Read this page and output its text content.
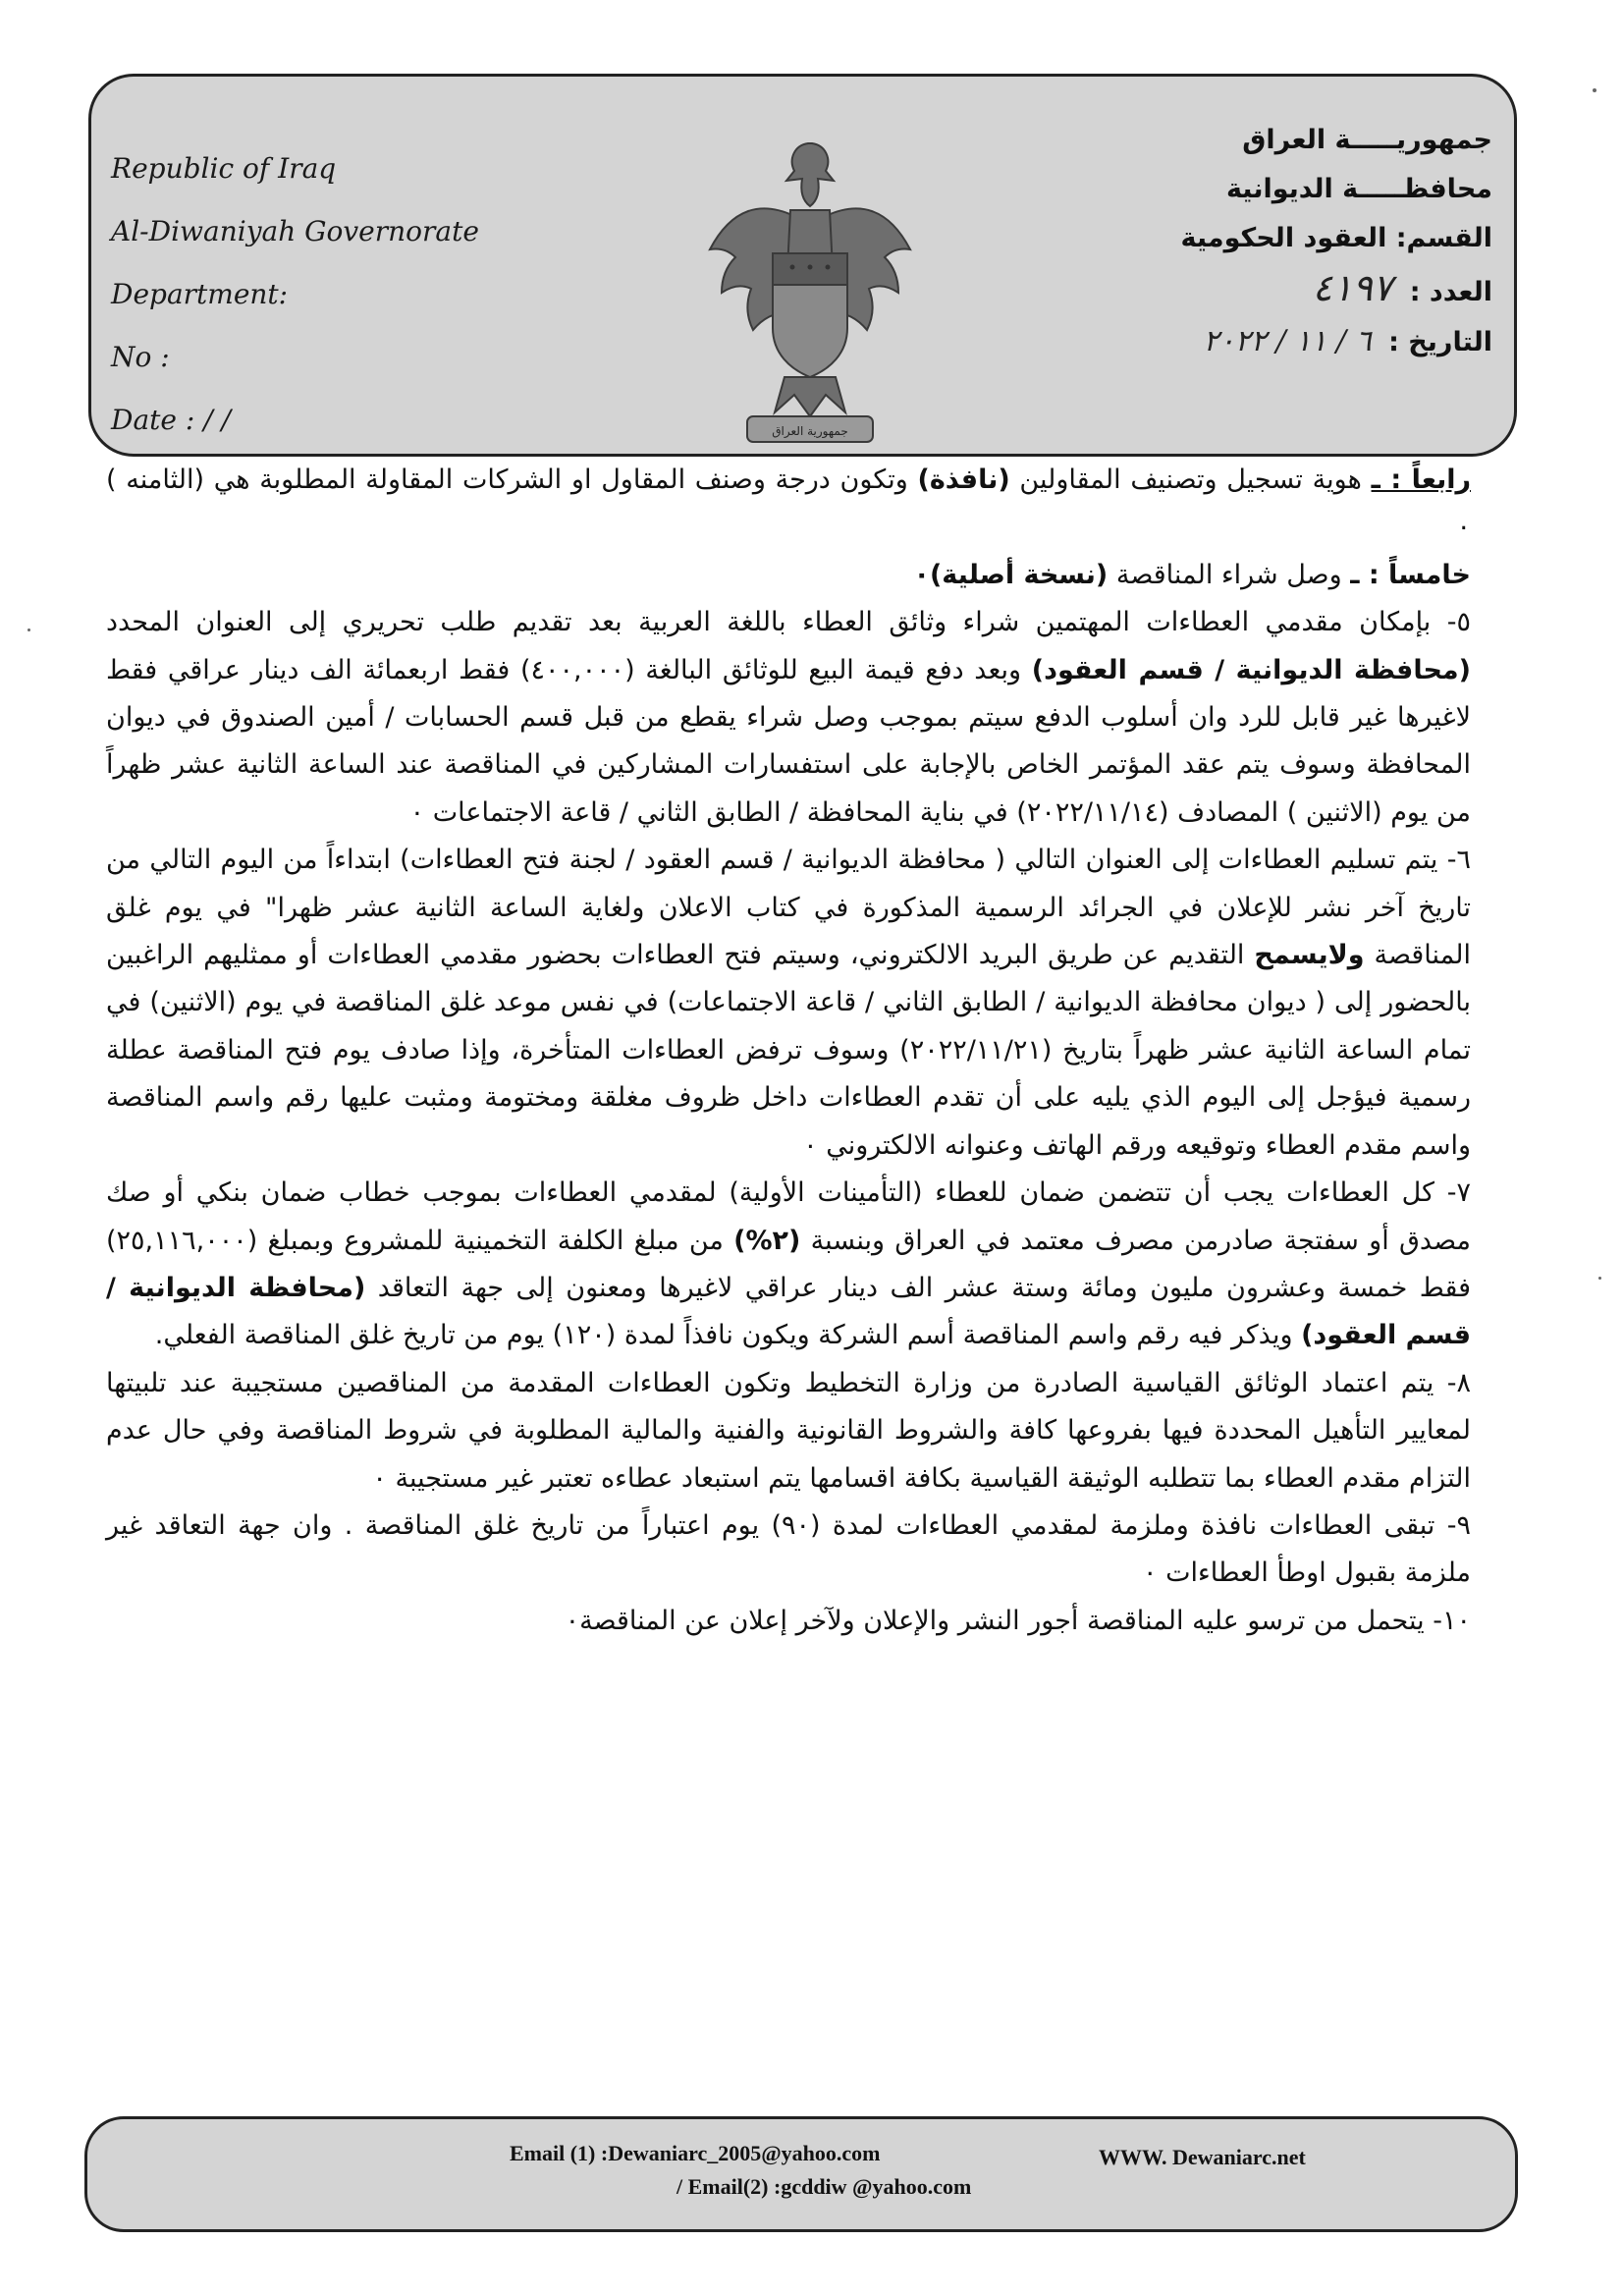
Republic of Iraq
Al-Diwaniyah Governorate
Department:
No :
Date : / /	جمهورية العراق
جمهوريـــــة العراق
محافظـــــة الديوانية
القسم: العقود الحكومية
العدد : ٤١٩٧
التاريخ : ٦ / ١١ / ٢٠٢٢

رابعاً : ـ هوية تسجيل وتصنيف المقاولين (نافذة) وتكون درجة وصنف المقاول او الشركات المقاولة المطلوبة هي (الثامنه ) ٠

خامساً : ـ وصل شراء المناقصة (نسخة أصلية)٠

٥- بإمكان مقدمي العطاءات المهتمين شراء وثائق العطاء باللغة العربية بعد تقديم طلب تحريري إلى العنوان المحدد (محافظة الديوانية / قسم العقود) وبعد دفع قيمة البيع للوثائق البالغة (٤٠٠,٠٠٠) فقط اربعمائة الف دينار عراقي فقط لاغيرها غير قابل للرد وان أسلوب الدفع سيتم بموجب وصل شراء يقطع من قبل قسم الحسابات / أمين الصندوق في ديوان المحافظة وسوف يتم عقد المؤتمر الخاص بالإجابة على استفسارات المشاركين في المناقصة عند الساعة الثانية عشر ظهراً من يوم (الاثنين ) المصادف (٢٠٢٢/١١/١٤) في بناية المحافظة / الطابق الثاني / قاعة الاجتماعات ٠

٦- يتم تسليم العطاءات إلى العنوان التالي ( محافظة الديوانية / قسم العقود / لجنة فتح العطاءات) ابتداءاً من اليوم التالي من تاريخ آخر نشر للإعلان في الجرائد الرسمية المذكورة في كتاب الاعلان ولغاية الساعة الثانية عشر ظهرا" في يوم غلق المناقصة ولايسمح التقديم عن طريق البريد الالكتروني، وسيتم فتح العطاءات بحضور مقدمي العطاءات أو ممثليهم الراغبين بالحضور إلى ( ديوان محافظة الديوانية / الطابق الثاني / قاعة الاجتماعات) في نفس موعد غلق المناقصة في يوم (الاثنين) في تمام الساعة الثانية عشر ظهراً بتاريخ (٢٠٢٢/١١/٢١) وسوف ترفض العطاءات المتأخرة، وإذا صادف يوم فتح المناقصة عطلة رسمية فيؤجل إلى اليوم الذي يليه على أن تقدم العطاءات داخل ظروف مغلقة ومختومة ومثبت عليها رقم واسم المناقصة واسم مقدم العطاء وتوقيعه ورقم الهاتف وعنوانه الالكتروني ٠

٧- كل العطاءات يجب أن تتضمن ضمان للعطاء (التأمينات الأولية) لمقدمي العطاءات بموجب خطاب ضمان بنكي أو صك مصدق أو سفتجة صادرمن مصرف معتمد في العراق وبنسبة (٢%) من مبلغ الكلفة التخمينية للمشروع وبمبلغ (٢٥,١١٦,٠٠٠) فقط خمسة وعشرون مليون ومائة وستة عشر الف دينار عراقي لاغيرها ومعنون إلى جهة التعاقد (محافظة الديوانية / قسم العقود) ويذكر فيه رقم واسم المناقصة أسم الشركة ويكون نافذاً لمدة (١٢٠) يوم من تاريخ غلق المناقصة الفعلي.

٨- يتم اعتماد الوثائق القياسية الصادرة من وزارة التخطيط وتكون العطاءات المقدمة من المناقصين مستجيبة عند تلبيتها لمعايير التأهيل المحددة فيها بفروعها كافة والشروط القانونية والفنية والمالية المطلوبة في شروط المناقصة وفي حال عدم التزام مقدم العطاء بما تتطلبه الوثيقة القياسية بكافة اقسامها يتم استبعاد عطاءه تعتبر غير مستجيبة ٠

٩- تبقى العطاءات نافذة وملزمة لمقدمي العطاءات لمدة (٩٠) يوم اعتباراً من تاريخ غلق المناقصة . وان جهة التعاقد غير ملزمة بقبول اوطأ العطاءات ٠

١٠- يتحمل من ترسو عليه المناقصة أجور النشر والإعلان ولآخر إعلان عن المناقصة٠

Email (1) :Dewaniarc_2005@yahoo.com	WWW. Dewaniarc.net
/ Email(2) :gcddiw @yahoo.com
